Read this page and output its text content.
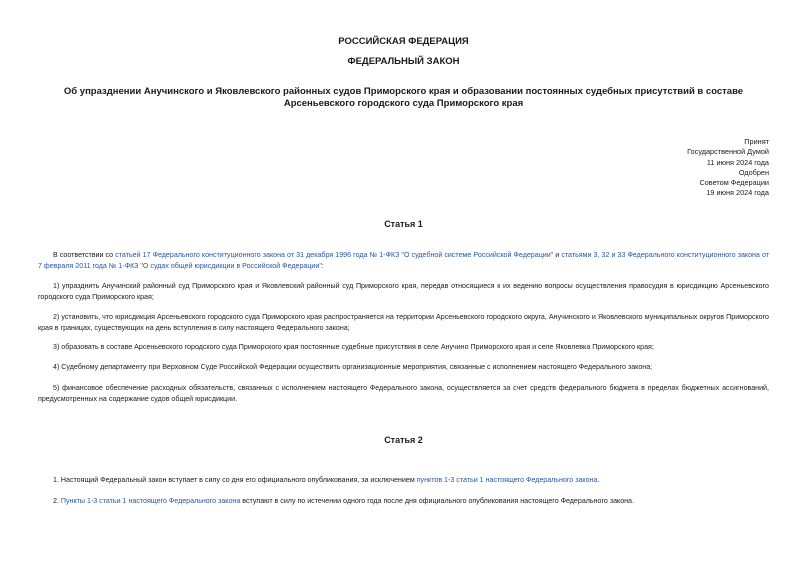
РОССИЙСКАЯ ФЕДЕРАЦИЯ
ФЕДЕРАЛЬНЫЙ ЗАКОН
Об упразднении Анучинского и Яковлевского районных судов Приморского края и образовании постоянных судебных присутствий в составе Арсеньевского городского суда Приморского края
Принят
Государственной Думой
11 июня 2024 года
Одобрен
Советом Федерации
19 июня 2024 года
Статья 1
В соответствии со статьей 17 Федерального конституционного закона от 31 декабря 1996 года № 1-ФКЗ "О судебной системе Российской Федерации" и статьями 3, 32 и 33 Федерального конституционного закона от 7 февраля 2011 года № 1-ФКЗ "О судах общей юрисдикции в Российской Федерации":
1) упразднить Анучинский районный суд Приморского края и Яковлевский районный суд Приморского края, передав относящиеся к их ведению вопросы осуществления правосудия в юрисдикцию Арсеньевского городского суда Приморского края;
2) установить, что юрисдикция Арсеньевского городского суда Приморского края распространяется на территории Арсеньевского городского округа, Анучинского и Яковлевского муниципальных округов Приморского края в границах, существующих на день вступления в силу настоящего Федерального закона;
3) образовать в составе Арсеньевского городского суда Приморского края постоянные судебные присутствия в селе Анучино Приморского края и селе Яковлевка Приморского края;
4) Судебному департаменту при Верховном Суде Российской Федерации осуществить организационные мероприятия, связанные с исполнением настоящего Федерального закона;
5) финансовое обеспечение расходных обязательств, связанных с исполнением настоящего Федерального закона, осуществляется за счет средств федерального бюджета в пределах бюджетных ассигнований, предусмотренных на содержание судов общей юрисдикции.
Статья 2
1. Настоящий Федеральный закон вступает в силу со дня его официального опубликования, за исключением пунктов 1-3 статьи 1 настоящего Федерального закона.
2. Пункты 1-3 статьи 1 настоящего Федерального закона вступают в силу по истечении одного года после дня официального опубликования настоящего Федерального закона.
